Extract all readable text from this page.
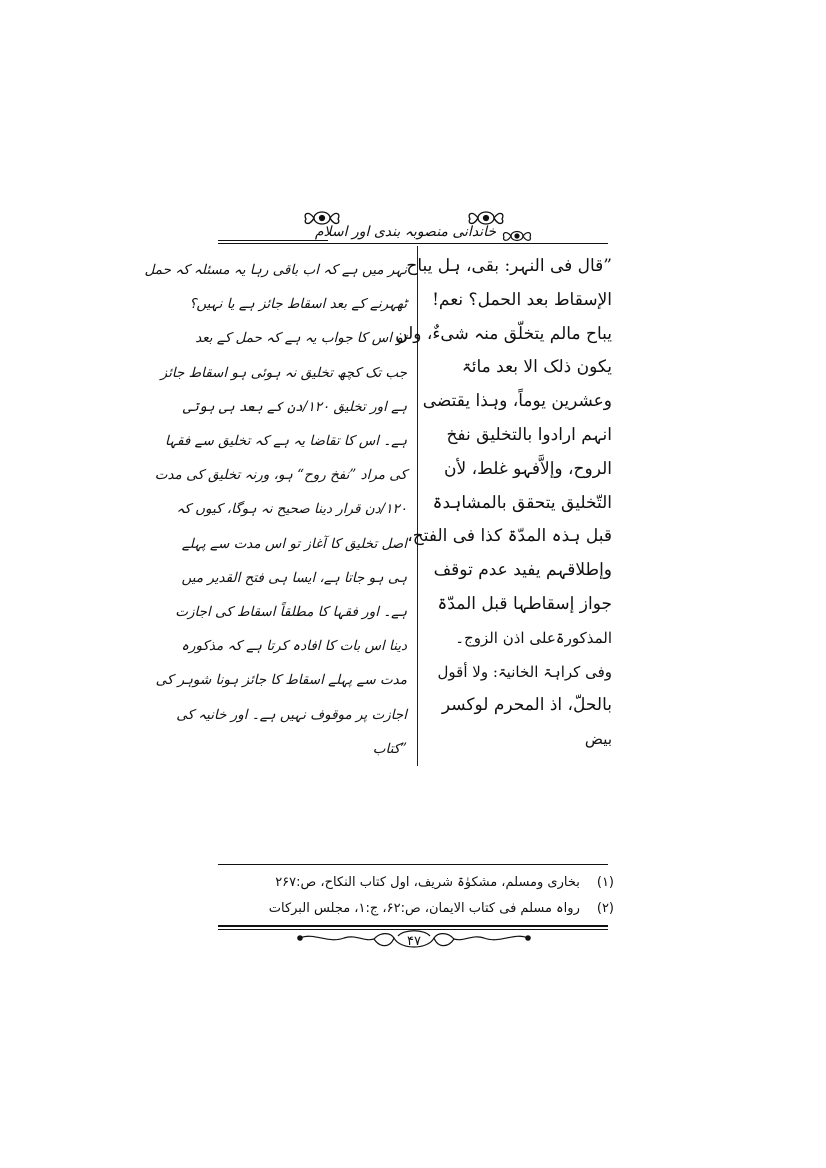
خاندانی منصوبہ بندی اور اسلام
”قال فی النہر: بقی، ہل یباح
الإسقاط بعد الحمل؟ نعم!
یباح مالم یتخلّق منہ شیءٌ، ولن
یکون ذلک الا بعد مائۃ
وعشرین یوماً، وہذا یقتضی
انہم ارادوا بالتخلیق نفخ
الروح، وإلاَّفہو غلط، لأن
التّخلیق یتحقق بالمشاہدۃ
قبل ہذہ المدّۃ کذا فی الفتح،
وإطلاقہم یفید عدم توقف
جواز إسقاطہا قبل المدّۃ
المذکورۃعلی اذن الزوج۔
وفی کراہۃ الخانیۃ: ولا أقول
بالحلّ، اذ المحرم لوکسر
بیض
نہر میں ہے کہ اب باقی رہا یہ مسئلہ کہ حمل
ٹھہرنے کے بعد اسقاط جائز ہے یا نہیں؟
تو اس کا جواب یہ ہے کہ حمل کے بعد
جب تک کچھ تخلیق نہ ہوئی ہو اسقاط جائز
ہے اور تخلیق ۱۲۰/دن کے بعد ہی ہوتی
ہے۔ اس کا تقاضا یہ ہے کہ تخلیق سے فقہا
کی مراد ”نفخ روح“ ہو، ورنہ تخلیق کی مدت
۱۲۰/دن قرار دینا صحیح نہ ہوگا، کیوں کہ
اصل تخلیق کا آغاز تو اس مدت سے پہلے
ہی ہو جاتا ہے، ایسا ہی فتح القدیر میں
ہے۔ اور فقہا کا مطلقاً اسقاط کی اجازت
دینا اس بات کا افادہ کرتا ہے کہ مذکورہ
مدت سے پہلے اسقاط کا جائز ہونا شوہر کی
اجازت پر موقوف نہیں ہے۔ اور خانیہ کی
”کتاب
(۱) بخاری ومسلم، مشکوٰۃ شریف، اول کتاب النکاح، ص:۲۶۷
(۲) رواہ مسلم فی کتاب الایمان، ص:۶۲، ج:۱، مجلس البرکات
۴۷
